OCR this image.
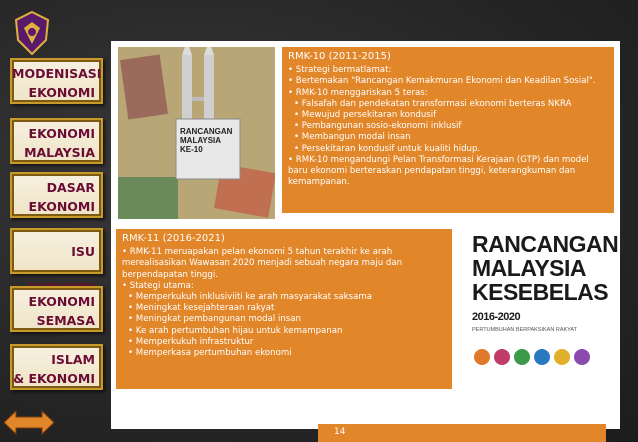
MODENISASI
EKONOMI
EKONOMI
MALAYSIA
DASAR
EKONOMI
ISU
EKONOMI
SEMASA
ISLAM
& EKONOMI
RANCANGAN
MALAYSIA
KE-10
RMK-10 (2011-2015)
• Strategi bermatlamat:
• Bertemakan "Rancangan Kemakmuran Ekonomi dan Keadilan Sosial".
• RMK-10 menggariskan 5 teras:
• Falsafah dan pendekatan transformasi ekonomi berteras NKRA
• Mewujud persekitaran kondusif
• Pembangunan sosio-ekonomi inklusif
• Membangun modal insan
• Persekitaran kondusif untuk kualiti hidup.
• RMK-10 mengandungi Pelan Transformasi Kerajaan (GTP) dan model baru ekonomi berteraskan pendapatan tinggi, keterangkuman dan kemampanan.
RMK-11 (2016-2021)
• RMK-11 meruapakan pelan ekonomi 5 tahun terakhir ke arah merealisasikan Wawasan 2020 menjadi sebuah negara maju dan berpendapatan tinggi.
• Stategi utama:
• Memperkukuh inklusiviiti ke arah masyarakat saksama
• Meningkat kesejahteraan rakyat
• Meningkat pembangunan modal insan
• Ke arah pertumbuhan hijau untuk kemampanan
• Memperkukuh infrastruktur
• Memperkasa pertumbuhan ekonomi
RANCANGAN
MALAYSIA
KESEBELAS
2016-2020
PERTUMBUHAN BERPAKSIKAN RAKYAT
14
